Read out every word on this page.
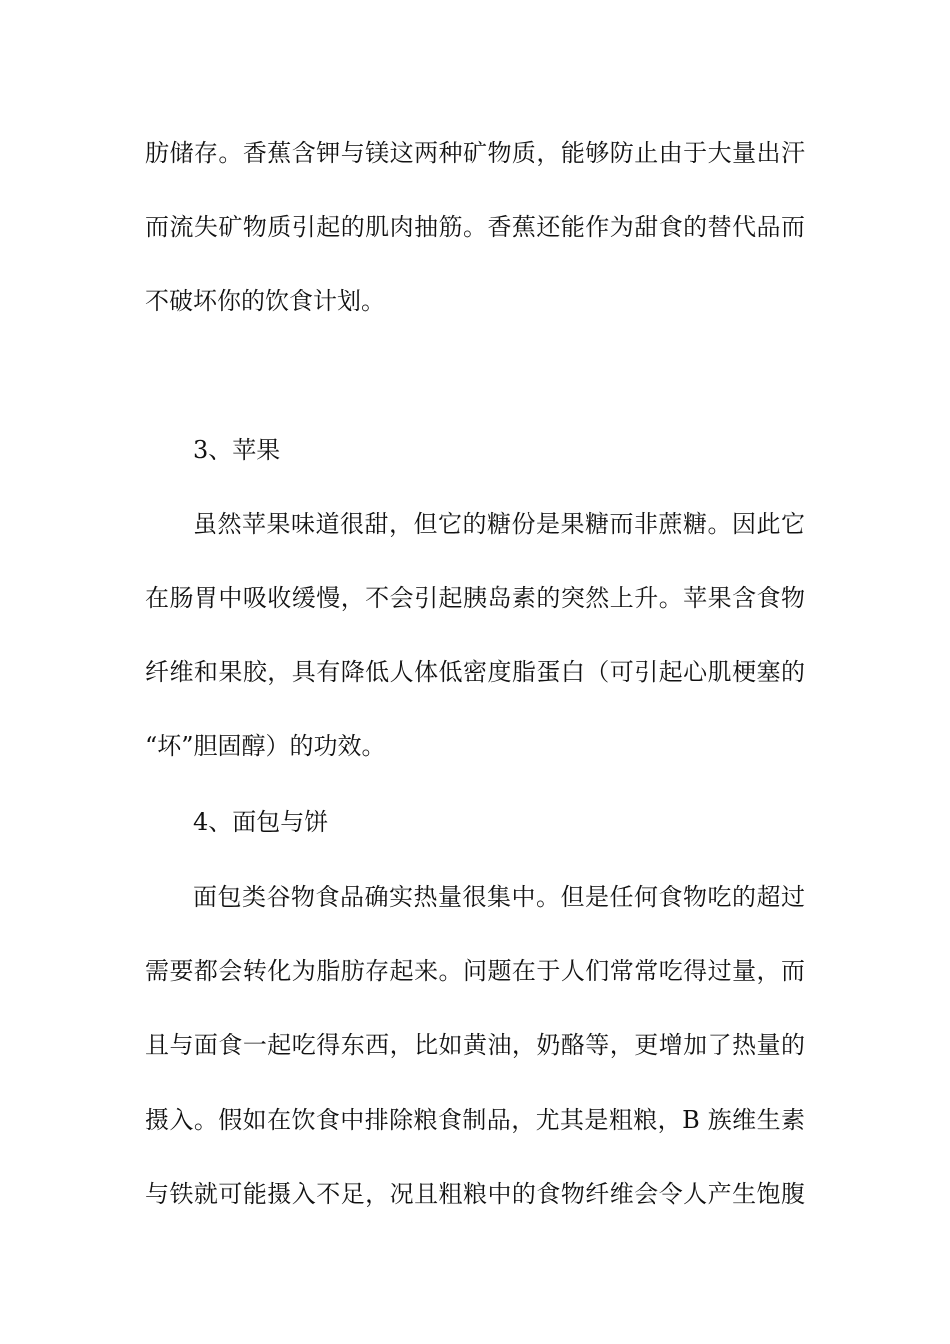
肪储存。香蕉含钾与镁这两种矿物质，能够防止由于大量出汗
而流失矿物质引起的肌肉抽筋。香蕉还能作为甜食的替代品而
不破坏你的饮食计划。
3、苹果
虽然苹果味道很甜，但它的糖份是果糖而非蔗糖。因此它
在肠胃中吸收缓慢，不会引起胰岛素的突然上升。苹果含食物
纤维和果胶，具有降低人体低密度脂蛋白（可引起心肌梗塞的
“坏”胆固醇）的功效。
4、面包与饼
面包类谷物食品确实热量很集中。但是任何食物吃的超过
需要都会转化为脂肪存起来。问题在于人们常常吃得过量，而
且与面食一起吃得东西，比如黄油，奶酪等，更增加了热量的
摄入。假如在饮食中排除粮食制品，尤其是粗粮，B 族维生素
与铁就可能摄入不足，况且粗粮中的食物纤维会令人产生饱腹
